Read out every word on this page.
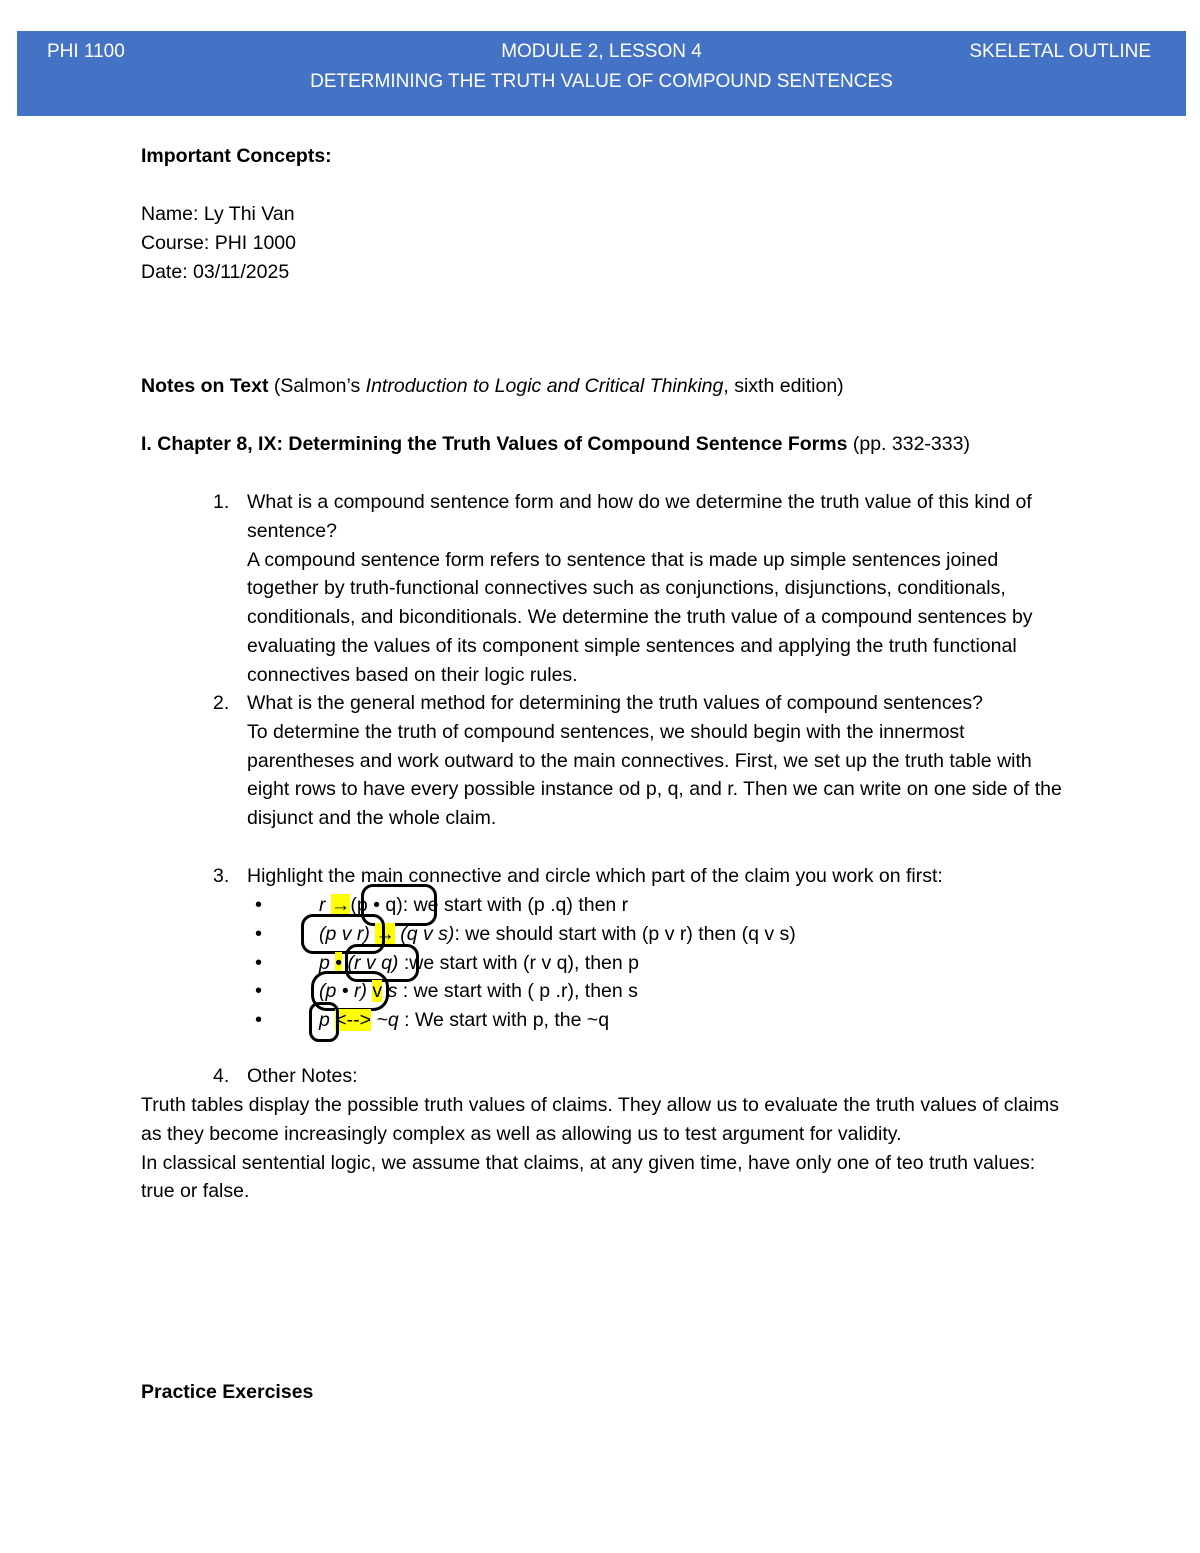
PHI 1100	MODULE 2, LESSON 4	SKELETAL OUTLINE
DETERMINING THE TRUTH VALUE OF COMPOUND SENTENCES

Important Concepts:

Name: Ly Thi Van

Course: PHI 1000

Date: 03/11/2025

Notes on Text (Salmon’s Introduction to Logic and Critical Thinking, sixth edition)

I. Chapter 8, IX: Determining the Truth Values of Compound Sentence Forms (pp. 332-333)

1. What is a compound sentence form and how do we determine the truth value of this kind of sentence?

A compound sentence form refers to sentence that is made up simple sentences joined together by truth-functional connectives such as conjunctions, disjunctions, conditionals, conditionals, and biconditionals. We determine the truth value of a compound sentences by evaluating the values of its component simple sentences and applying the truth functional connectives based on their logic rules.

2. What is the general method for determining the truth values of compound sentences?

To determine the truth of compound sentences, we should begin with the innermost parentheses and work outward to the main connectives. First, we set up the truth table with eight rows to have every possible instance od p, q, and r. Then we can write on one side of the disjunct and the whole claim.

3. Highlight the main connective and circle which part of the claim you work on first:

•	r →(p • q): we start with (p .q) then r
•	(p v r) → (q v s): we should start with (p v r) then (q v s)
•	p • (r v q) :we start with (r v q), then p
•	(p • r) v s : we start with ( p .r), then s
•	p <--> ~q : We start with p, the ~q
4. Other Notes:

Truth tables display the possible truth values of claims. They allow us to evaluate the truth values of claims as they become increasingly complex as well as allowing us to test argument for validity.

In classical sentential logic, we assume that claims, at any given time, have only one of teo truth values: true or false.

Practice Exercises
